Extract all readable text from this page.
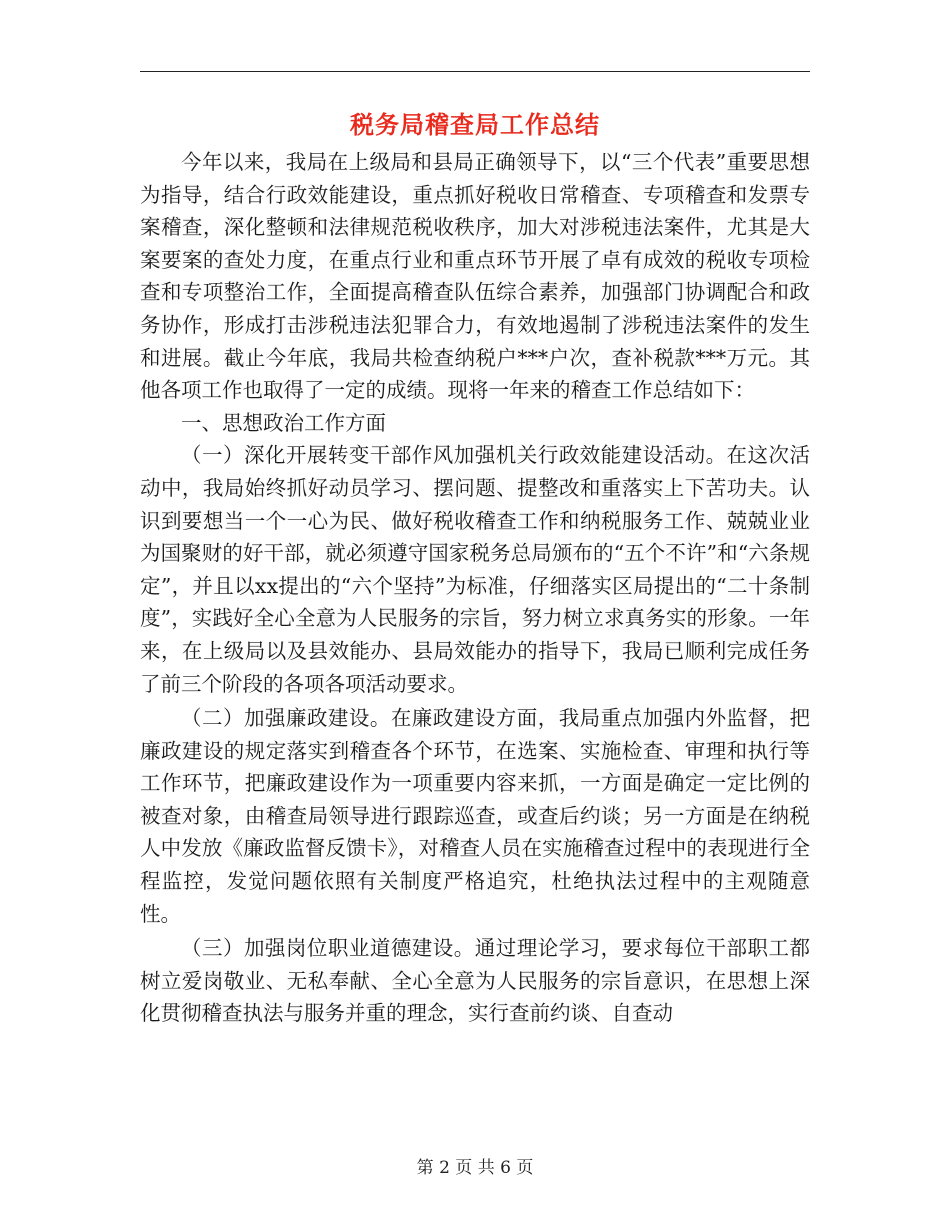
税务局稽查局工作总结

今年以来，我局在上级局和县局正确领导下，以“三个代表”重要思想为指导，结合行政效能建设，重点抓好税收日常稽查、专项稽查和发票专案稽查，深化整顿和法律规范税收秩序，加大对涉税违法案件，尤其是大案要案的查处力度，在重点行业和重点环节开展了卓有成效的税收专项检查和专项整治工作，全面提高稽查队伍综合素养，加强部门协调配合和政务协作，形成打击涉税违法犯罪合力，有效地遏制了涉税违法案件的发生和进展。截止今年底，我局共检查纳税户***户次，查补税款***万元。其他各项工作也取得了一定的成绩。现将一年来的稽查工作总结如下：

一、思想政治工作方面

（一）深化开展转变干部作风加强机关行政效能建设活动。在这次活动中，我局始终抓好动员学习、摆问题、提整改和重落实上下苦功夫。认识到要想当一个一心为民、做好税收稽查工作和纳税服务工作、兢兢业业为国聚财的好干部，就必须遵守国家税务总局颁布的“五个不许”和“六条规定”，并且以xx提出的“六个坚持”为标准，仔细落实区局提出的“二十条制度”，实践好全心全意为人民服务的宗旨，努力树立求真务实的形象。一年来，在上级局以及县效能办、县局效能办的指导下，我局已顺利完成任务了前三个阶段的各项各项活动要求。

（二）加强廉政建设。在廉政建设方面，我局重点加强内外监督，把廉政建设的规定落实到稽查各个环节，在选案、实施检查、审理和执行等工作环节，把廉政建设作为一项重要内容来抓，一方面是确定一定比例的被查对象，由稽查局领导进行跟踪巡查，或查后约谈；另一方面是在纳税人中发放《廉政监督反馈卡》，对稽查人员在实施稽查过程中的表现进行全程监控，发觉问题依照有关制度严格追究，杜绝执法过程中的主观随意性。

（三）加强岗位职业道德建设。通过理论学习，要求每位干部职工都树立爱岗敬业、无私奉献、全心全意为人民服务的宗旨意识，在思想上深化贯彻稽查执法与服务并重的理念，实行查前约谈、自查动

第 2 页 共 6 页
